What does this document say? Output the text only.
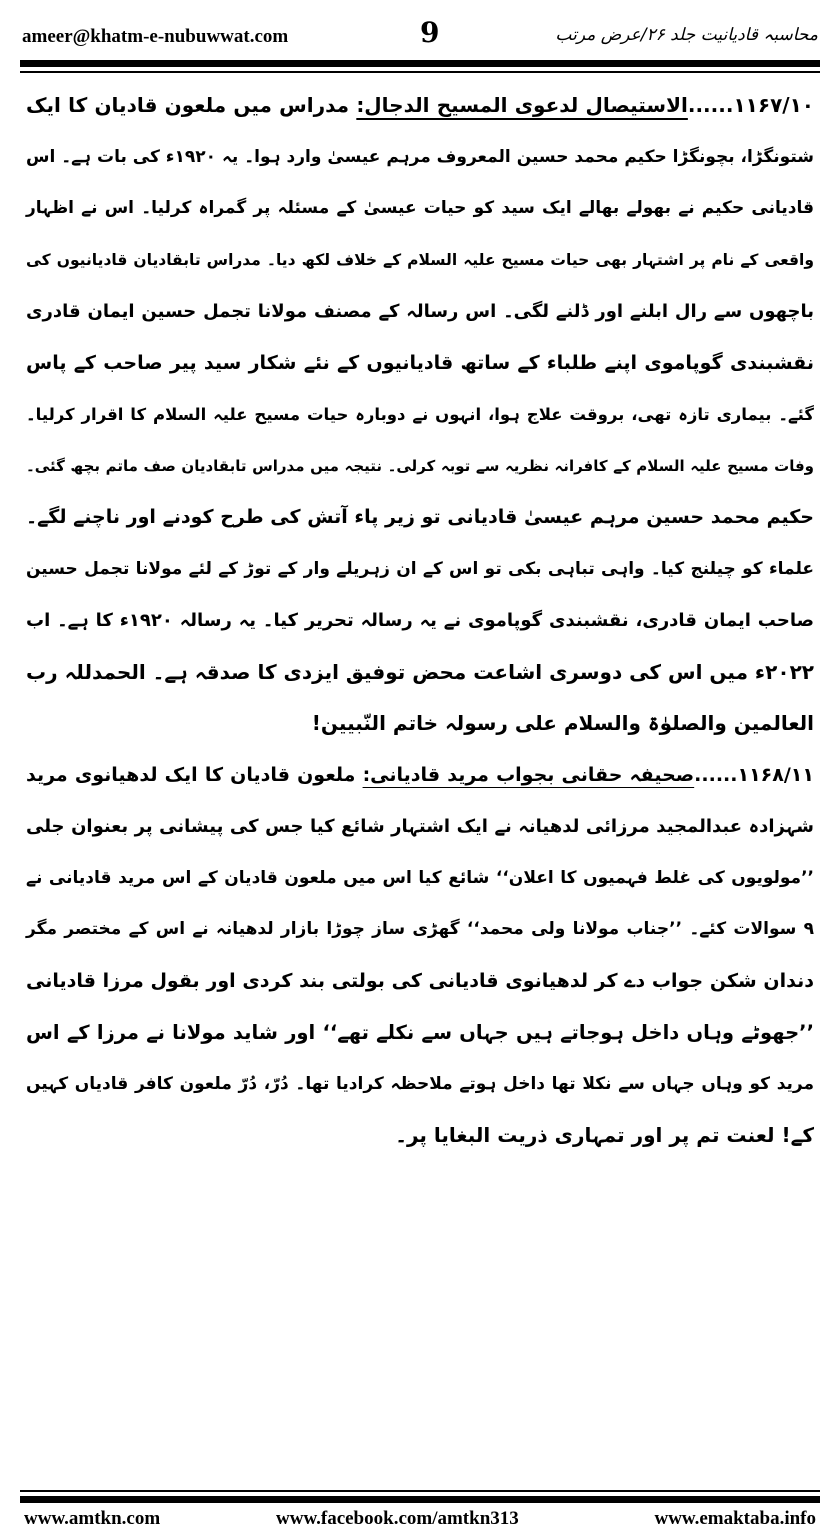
ameer@khatm-e-nubuwwat.com	9	محاسبہ قادیانیت جلد ۲۶/عرض مرتب
۱۱۶۷/۱۰......الاستیصال لدعوی المسیح الدجال: مدراس میں ملعون قادیان کا ایک
شتونگڑا، بچونگڑا حکیم محمد حسین المعروف مرہم عیسیٰ وارد ہوا۔ یہ ۱۹۲۰ء کی بات ہے۔ اس
قادیانی حکیم نے بھولے بھالے ایک سید کو حیات عیسیٰ کے مسئلہ پر گمراہ کرلیا۔ اس نے اظہار
واقعی کے نام پر اشتہار بھی حیات مسیح علیہ السلام کے خلاف لکھ دیا۔ مدراس تابقادیان قادیانیوں کی
باچھوں سے رال ابلنے اور ڈلنے لگی۔ اس رسالہ کے مصنف مولانا تجمل حسین ایمان قادری
نقشبندی گوپاموی اپنے طلباء کے ساتھ قادیانیوں کے نئے شکار سید پیر صاحب کے پاس
گئے۔ بیماری تازہ تھی، بروقت علاج ہوا، انہوں نے دوبارہ حیات مسیح علیہ السلام کا اقرار کرلیا۔
وفات مسیح علیہ السلام کے کافرانہ نظریہ سے توبہ کرلی۔ نتیجہ میں مدراس تابقادیان صف ماتم بچھ گئی۔
حکیم محمد حسین مرہم عیسیٰ قادیانی تو زیر پاء آتش کی طرح کودنے اور ناچنے لگے۔
علماء کو چیلنج کیا۔ واہی تباہی بکی تو اس کے ان زہریلے وار کے توڑ کے لئے مولانا تجمل حسین
صاحب ایمان قادری، نقشبندی گوپاموی نے یہ رسالہ تحریر کیا۔ یہ رسالہ ۱۹۲۰ء کا ہے۔ اب
۲۰۲۲ء میں اس کی دوسری اشاعت محض توفیق ایزدی کا صدقہ ہے۔ الحمدللہ رب
العالمین والصلوٰۃ والسلام علی رسولہ خاتم النّبیین!
۱۱۶۸/۱۱......صحیفہ حقانی بجواب مرید قادیانی: ملعون قادیان کا ایک لدھیانوی مرید
شہزادہ عبدالمجید مرزائی لدھیانہ نے ایک اشتہار شائع کیا جس کی پیشانی پر بعنوان جلی
’’مولویوں کی غلط فہمیوں کا اعلان‘‘ شائع کیا اس میں ملعون قادیان کے اس مرید قادیانی نے
۹ سوالات کئے۔ ’’جناب مولانا ولی محمد‘‘ گھڑی ساز چوڑا بازار لدھیانہ نے اس کے مختصر مگر
دندان شکن جواب دے کر لدھیانوی قادیانی کی بولتی بند کردی اور بقول مرزا قادیانی
’’جھوٹے وہاں داخل ہوجاتے ہیں جہاں سے نکلے تھے‘‘ اور شاید مولانا نے مرزا کے اس
مرید کو وہاں جہاں سے نکلا تھا داخل ہوتے ملاحظہ کرادیا تھا۔ دُرّ، دُرّ ملعون کافر قادیاں کہیں
کے! لعنت تم پر اور تمہاری ذریت البغایا پر۔
www.amtkn.com	www.facebook.com/amtkn313	www.emaktaba.info
